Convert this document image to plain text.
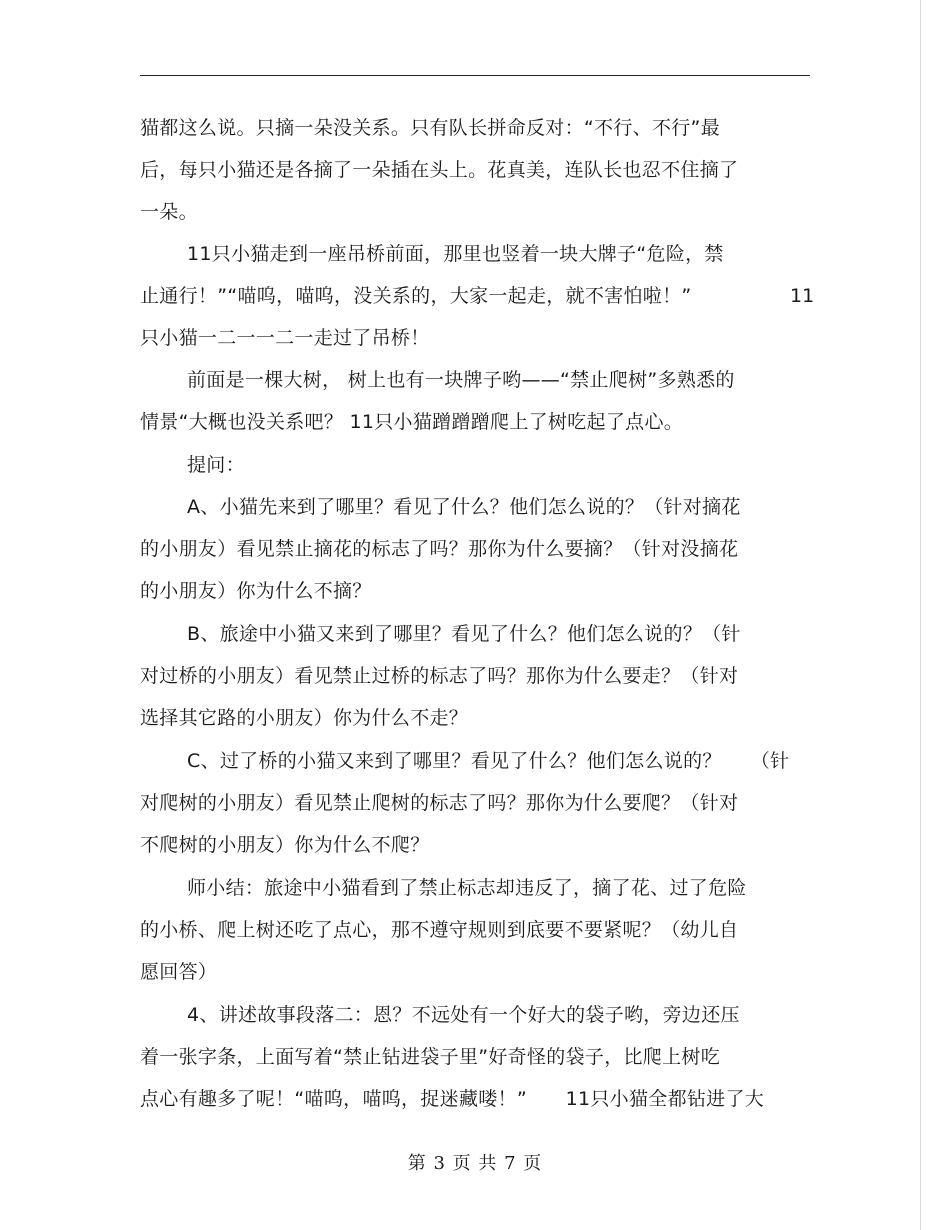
猫都这么说。只摘一朵没关系。只有队长拼命反对：“不行、不行”最
后，每只小猫还是各摘了一朵插在头上。花真美，连队长也忍不住摘了
一朵。
11只小猫走到一座吊桥前面，那里也竖着一块大牌子“危险，禁
止通行！”“喵呜，喵呜，没关系的，大家一起走，就不害怕啦！”	11
只小猫一二一一二一走过了吊桥！
前面是一棵大树， 树上也有一块牌子哟——“禁止爬树”多熟悉的
情景“大概也没关系吧？ 11只小猫蹭蹭蹭爬上了树吃起了点心。
提问：
A、小猫先来到了哪里？看见了什么？他们怎么说的？（针对摘花
的小朋友）看见禁止摘花的标志了吗？那你为什么要摘？（针对没摘花
的小朋友）你为什么不摘？
B、旅途中小猫又来到了哪里？看见了什么？他们怎么说的？（针
对过桥的小朋友）看见禁止过桥的标志了吗？那你为什么要走？（针对
选择其它路的小朋友）你为什么不走？
C、过了桥的小猫又来到了哪里？看见了什么？他们怎么说的？　　（针
对爬树的小朋友）看见禁止爬树的标志了吗？那你为什么要爬？（针对
不爬树的小朋友）你为什么不爬？
师小结：旅途中小猫看到了禁止标志却违反了，摘了花、过了危险
的小桥、爬上树还吃了点心，那不遵守规则到底要不要紧呢？（幼儿自
愿回答）
4、讲述故事段落二：恩？不远处有一个好大的袋子哟，旁边还压
着一张字条，上面写着“禁止钻进袋子里”好奇怪的袋子，比爬上树吃
点心有趣多了呢！“喵呜，喵呜，捉迷藏喽！”　　11只小猫全都钻进了大
第 3 页 共 7 页
